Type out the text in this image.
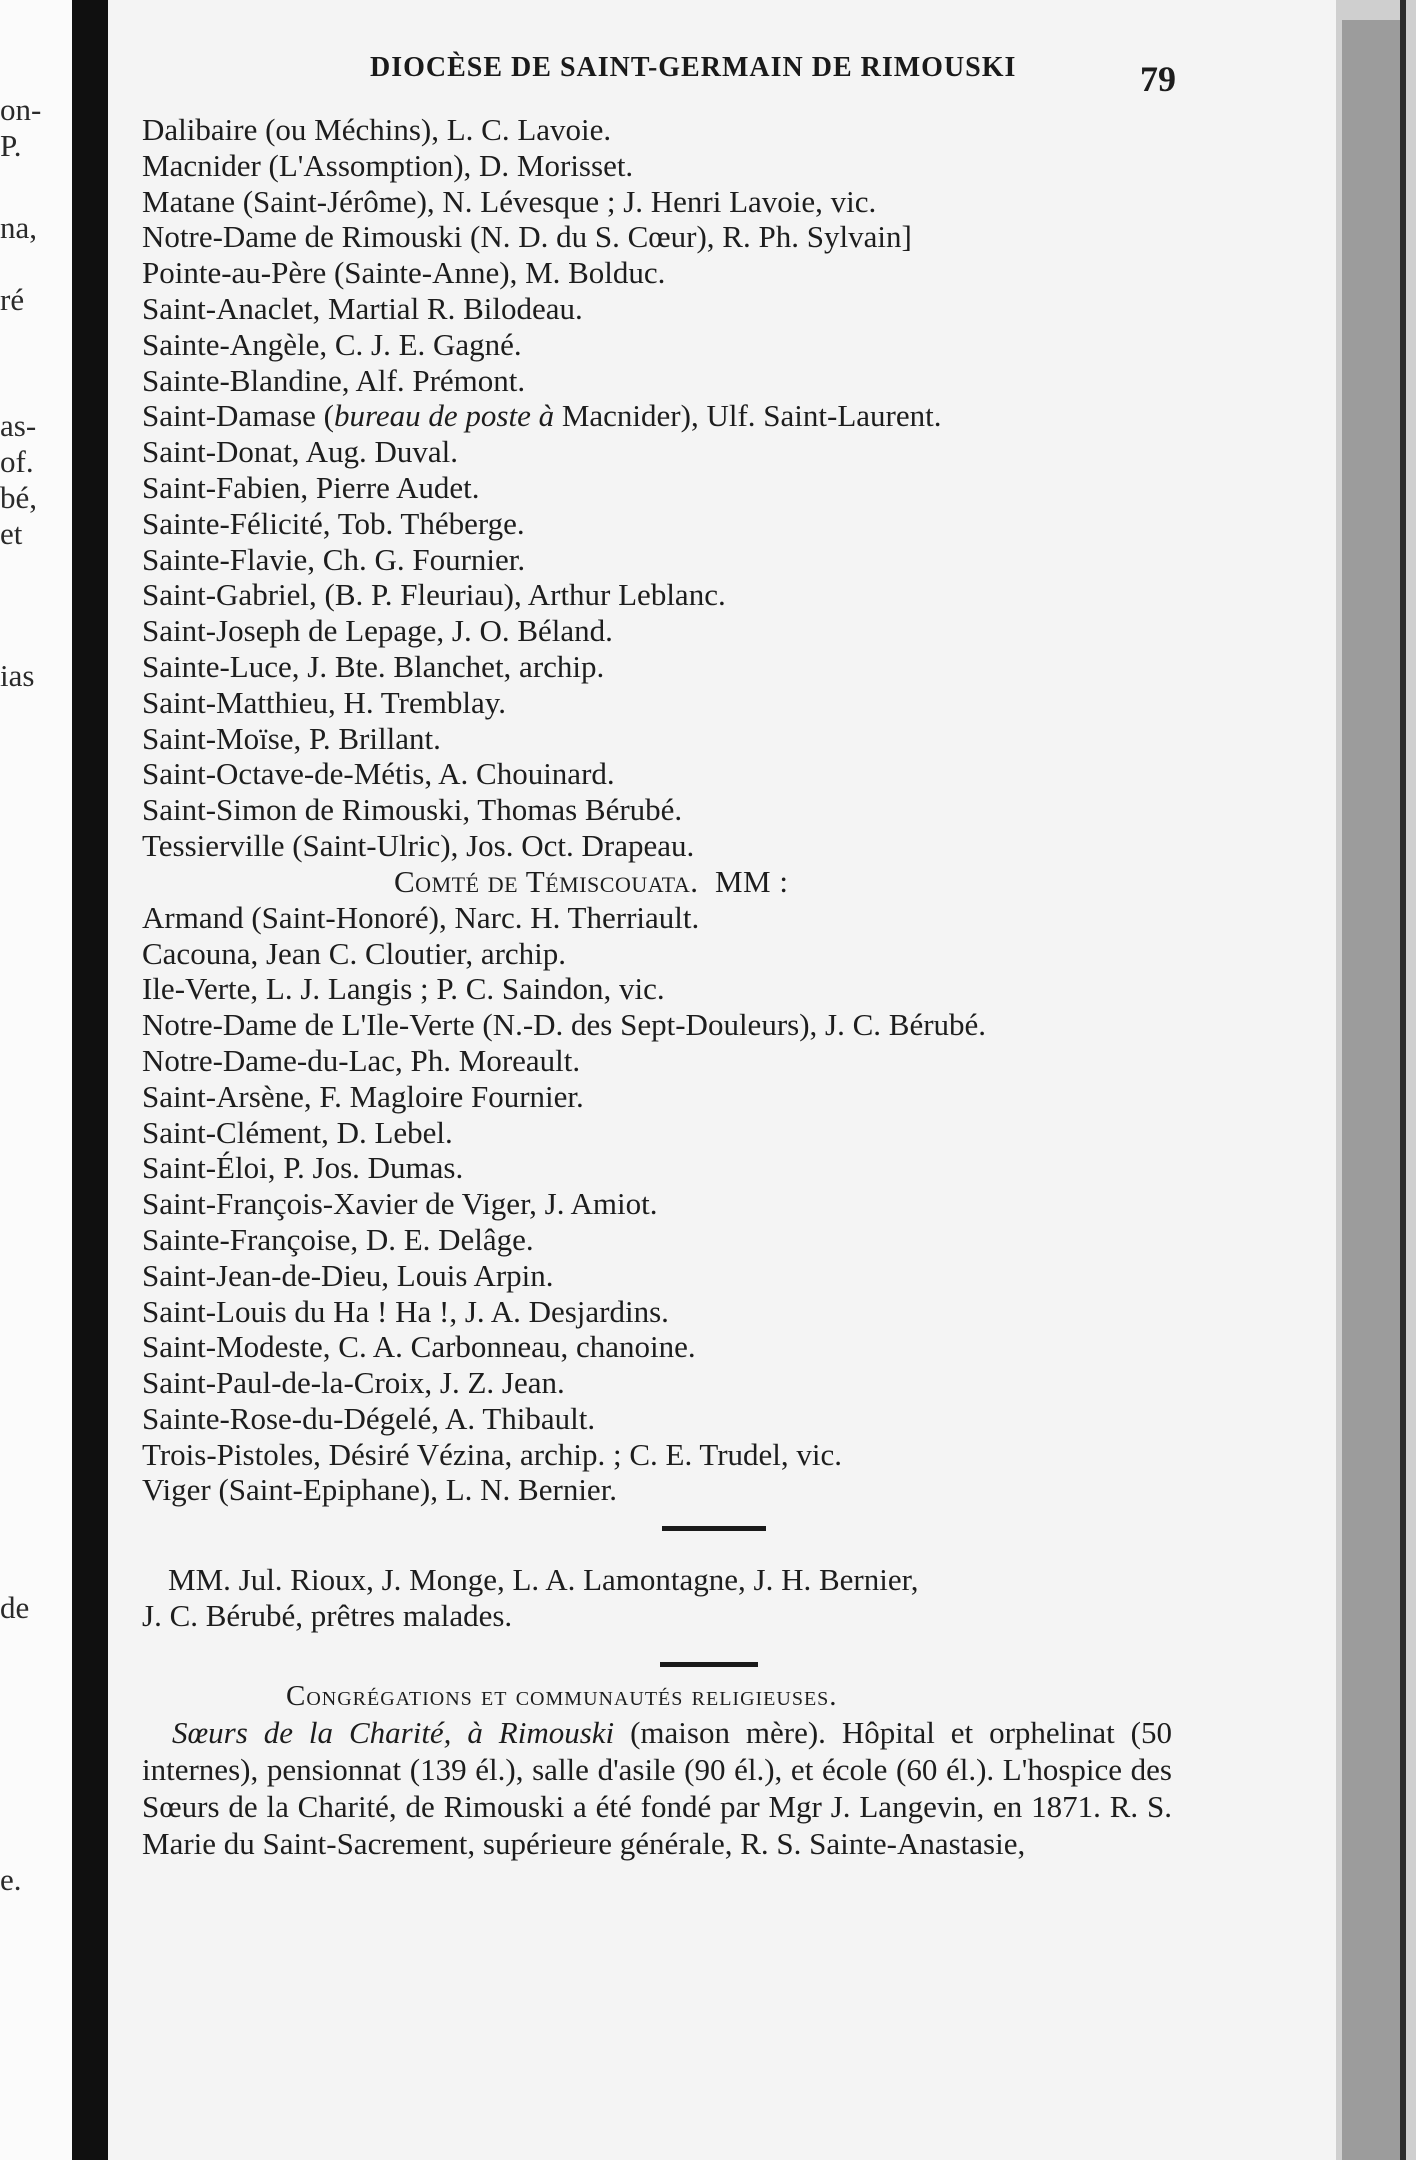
on-
P.
na,
ré
as-
of.
bé,
et
ias
de
e.
DIOCÈSE DE SAINT-GERMAIN DE RIMOUSKI	79
Dalibaire (ou Méchins), L. C. Lavoie.
Macnider (L'Assomption), D. Morisset.
Matane (Saint-Jérôme), N. Lévesque ; J. Henri Lavoie, vic.
Notre-Dame de Rimouski (N. D. du S. Cœur), R. Ph. Sylvain]
Pointe-au-Père (Sainte-Anne), M. Bolduc.
Saint-Anaclet, Martial R. Bilodeau.
Sainte-Angèle, C. J. E. Gagné.
Sainte-Blandine, Alf. Prémont.
Saint-Damase (bureau de poste à Macnider), Ulf. Saint-Laurent.
Saint-Donat, Aug. Duval.
Saint-Fabien, Pierre Audet.
Sainte-Félicité, Tob. Théberge.
Sainte-Flavie, Ch. G. Fournier.
Saint-Gabriel, (B. P. Fleuriau), Arthur Leblanc.
Saint-Joseph de Lepage, J. O. Béland.
Sainte-Luce, J. Bte. Blanchet, archip.
Saint-Matthieu, H. Tremblay.
Saint-Moïse, P. Brillant.
Saint-Octave-de-Métis, A. Chouinard.
Saint-Simon de Rimouski, Thomas Bérubé.
Tessierville (Saint-Ulric), Jos. Oct. Drapeau.
Comté de Témiscouata. MM :
Armand (Saint-Honoré), Narc. H. Therriault.
Cacouna, Jean C. Cloutier, archip.
Ile-Verte, L. J. Langis ; P. C. Saindon, vic.
Notre-Dame de L'Ile-Verte (N.-D. des Sept-Douleurs), J. C. Bérubé.
Notre-Dame-du-Lac, Ph. Moreault.
Saint-Arsène, F. Magloire Fournier.
Saint-Clément, D. Lebel.
Saint-Éloi, P. Jos. Dumas.
Saint-François-Xavier de Viger, J. Amiot.
Sainte-Françoise, D. E. Delâge.
Saint-Jean-de-Dieu, Louis Arpin.
Saint-Louis du Ha ! Ha !, J. A. Desjardins.
Saint-Modeste, C. A. Carbonneau, chanoine.
Saint-Paul-de-la-Croix, J. Z. Jean.
Sainte-Rose-du-Dégelé, A. Thibault.
Trois-Pistoles, Désiré Vézina, archip. ; C. E. Trudel, vic.
Viger (Saint-Epiphane), L. N. Bernier.
MM. Jul. Rioux, J. Monge, L. A. Lamontagne, J. H. Bernier,
J. C. Bérubé, prêtres malades.
Congrégations et communautés religieuses.
Sœurs de la Charité, à Rimouski (maison mère). Hôpital et orphelinat (50 internes), pensionnat (139 él.), salle d'asile (90 él.), et école (60 él.). L'hospice des Sœurs de la Charité, de Rimouski a été fondé par Mgr J. Langevin, en 1871. R. S. Marie du Saint-Sacrement, supérieure générale, R. S. Sainte-Anastasie,
